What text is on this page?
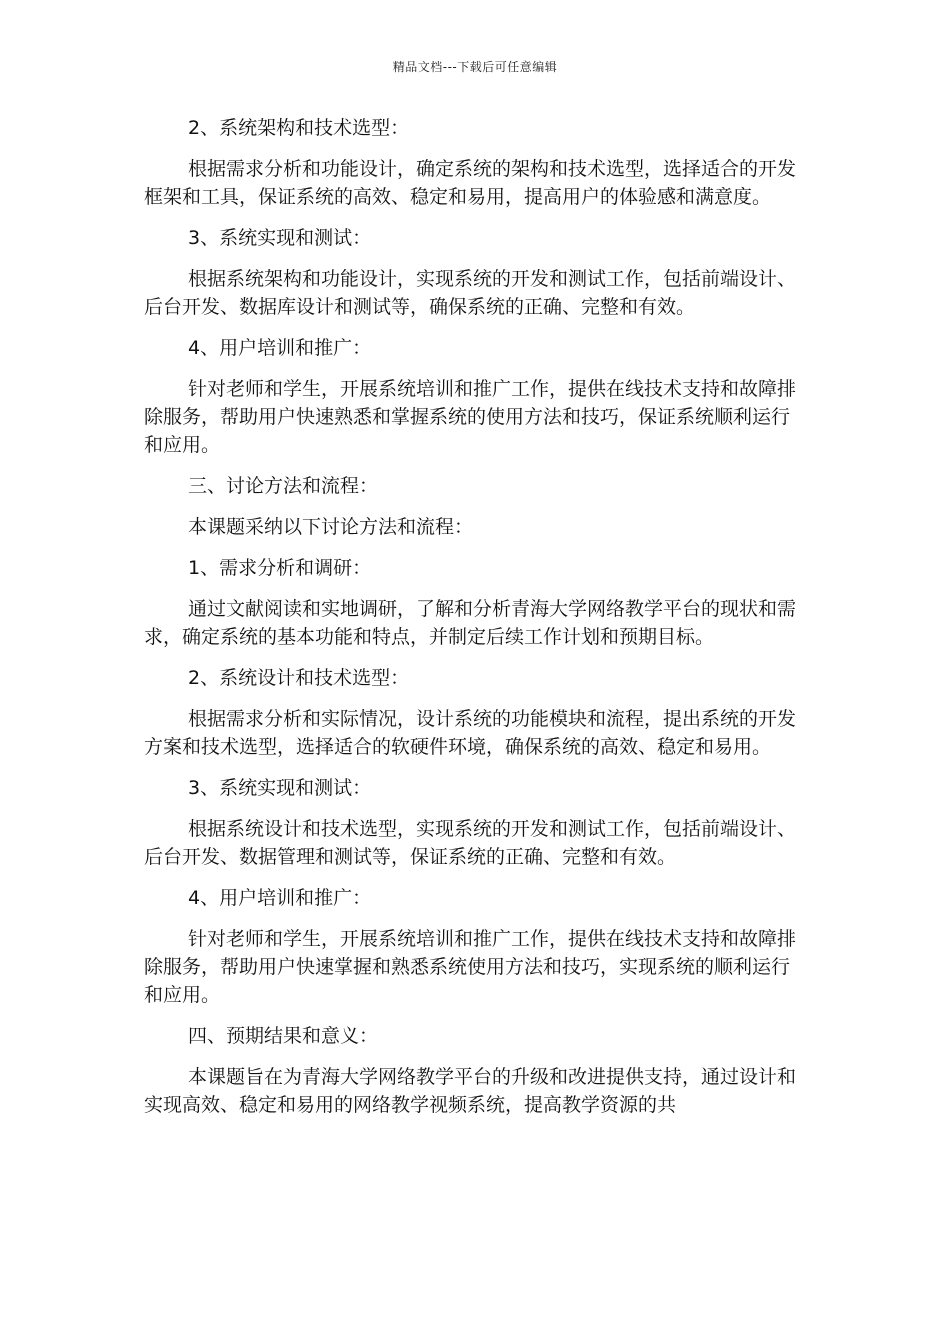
精品文档---下载后可任意编辑

2、系统架构和技术选型：

根据需求分析和功能设计，确定系统的架构和技术选型，选择适合的开发框架和工具，保证系统的高效、稳定和易用，提高用户的体验感和满意度。

3、系统实现和测试：

根据系统架构和功能设计，实现系统的开发和测试工作，包括前端设计、后台开发、数据库设计和测试等，确保系统的正确、完整和有效。

4、用户培训和推广：

针对老师和学生，开展系统培训和推广工作，提供在线技术支持和故障排除服务，帮助用户快速熟悉和掌握系统的使用方法和技巧，保证系统顺利运行和应用。

三、讨论方法和流程：

本课题采纳以下讨论方法和流程：

1、需求分析和调研：

通过文献阅读和实地调研，了解和分析青海大学网络教学平台的现状和需求，确定系统的基本功能和特点，并制定后续工作计划和预期目标。

2、系统设计和技术选型：

根据需求分析和实际情况，设计系统的功能模块和流程，提出系统的开发方案和技术选型，选择适合的软硬件环境，确保系统的高效、稳定和易用。

3、系统实现和测试：

根据系统设计和技术选型，实现系统的开发和测试工作，包括前端设计、后台开发、数据管理和测试等，保证系统的正确、完整和有效。

4、用户培训和推广：

针对老师和学生，开展系统培训和推广工作，提供在线技术支持和故障排除服务，帮助用户快速掌握和熟悉系统使用方法和技巧，实现系统的顺利运行和应用。

四、预期结果和意义：

本课题旨在为青海大学网络教学平台的升级和改进提供支持，通过设计和实现高效、稳定和易用的网络教学视频系统，提高教学资源的共
